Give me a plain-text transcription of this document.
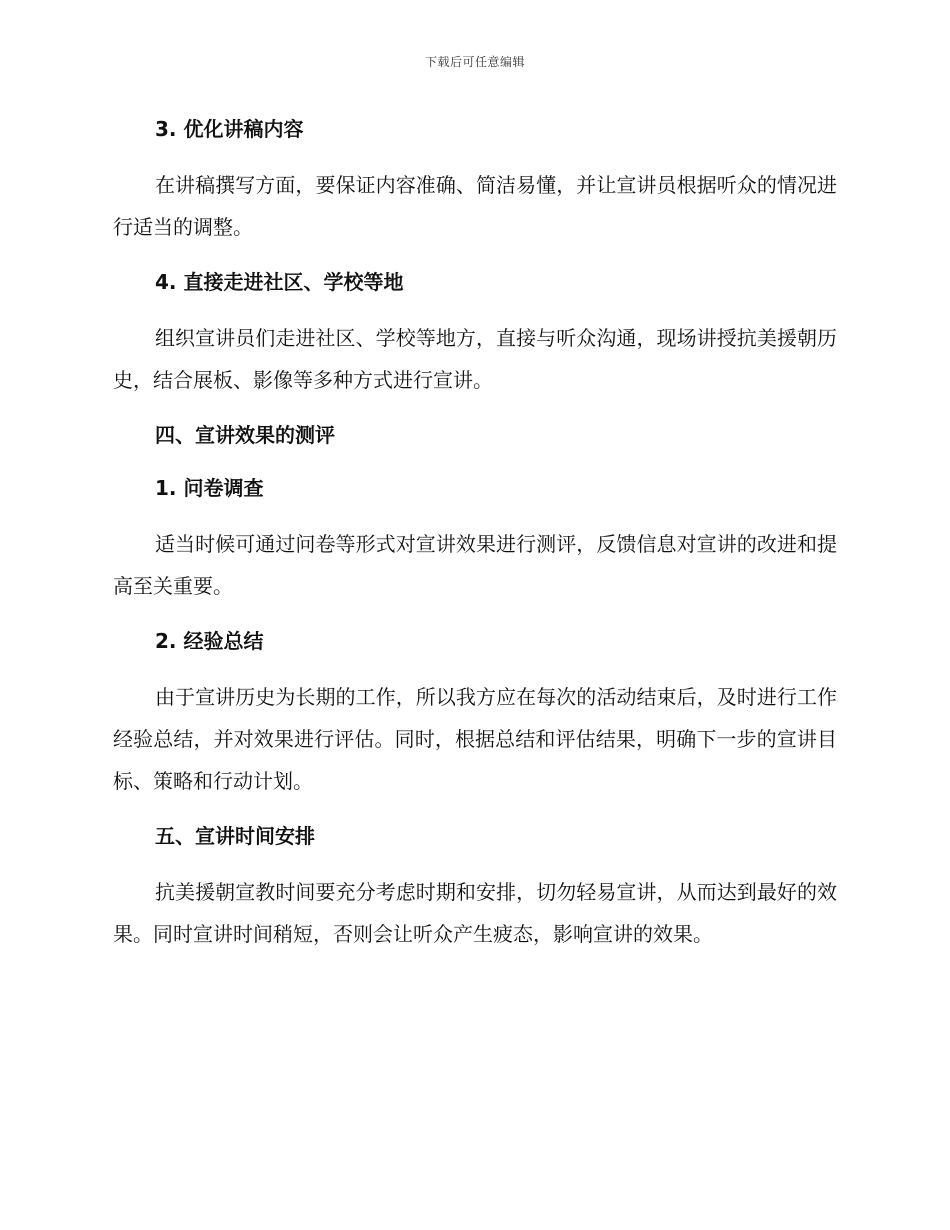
下载后可任意编辑
3. 优化讲稿内容

在讲稿撰写方面，要保证内容准确、简洁易懂，并让宣讲员根据听众的情况进行适当的调整。

4. 直接走进社区、学校等地

组织宣讲员们走进社区、学校等地方，直接与听众沟通，现场讲授抗美援朝历史，结合展板、影像等多种方式进行宣讲。

四、宣讲效果的测评
1. 问卷调查

适当时候可通过问卷等形式对宣讲效果进行测评，反馈信息对宣讲的改进和提高至关重要。

2. 经验总结

由于宣讲历史为长期的工作，所以我方应在每次的活动结束后，及时进行工作经验总结，并对效果进行评估。同时，根据总结和评估结果，明确下一步的宣讲目标、策略和行动计划。

五、宣讲时间安排

抗美援朝宣教时间要充分考虑时期和安排，切勿轻易宣讲，从而达到最好的效果。同时宣讲时间稍短，否则会让听众产生疲态，影响宣讲的效果。
